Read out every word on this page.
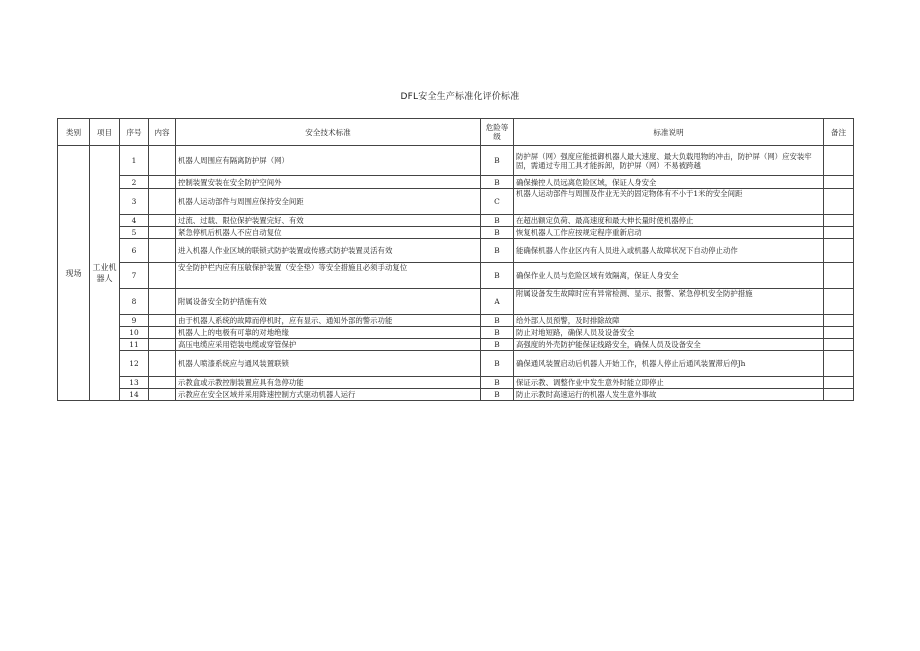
DFL安全生产标准化评价标准
类别	项目	序号	内容	安全技术标准	危险等级	标准说明	备注
现场	工业机器人	1		机器人周围应有隔离防护屏（网）	B	防护屏（网）强度应能抵御机器人最大速度、最大负载甩物的冲击，防护屏（网）应安装牢固，需通过专用工具才能拆卸，防护屏（网）不易被跨越	
		2		控制装置安装在安全防护空间外	B	确保操控人员远离危险区域，保证人身安全	
		3		机器人运动部件与周围应保持安全间距	C	机器人运动部件与周围及作业无关的固定物体有不小于1米的安全间距	
		4		过流、过载、限位保护装置完好、有效	B	在超出额定负荷、最高速度和最大伸长量时使机器停止	
		5		紧急停机后机器人不应自动复位	B	恢复机器人工作应按规定程序重新启动	
		6		进入机器人作业区域的联锁式防护装置或传感式防护装置灵活有效	B	能确保机器人作业区内有人员进入或机器人故障状况下自动停止动作	
		7		安全防护栏内应有压敏保护装置（安全垫）等安全措施且必须手动复位	B	确保作业人员与危险区域有效隔离，保证人身安全	
		8		附属设备安全防护措施有效	A	附属设备发生故障时应有异常检测、显示、报警、紧急停机安全防护措施	
		9		由于机器人系统的故障而停机时，应有显示、通知外部的警示功能	B	给外部人员预警，及时排除故障	
		10		机器人上的电极有可靠的对地绝缘	B	防止对地短路，确保人员及设备安全	
		11		高压电缆应采用铠装电缆或穿管保护	B	高强度的外壳防护能保证线路安全，确保人员及设备安全	
		12		机器人喷漆系统应与通风装置联锁	B	确保通风装置启动后机器人开始工作，机器人停止后通风装置滞后停Jh	
		13		示教盒或示教控制装置应具有急停功能	B	保证示教、调整作业中发生意外时能立即停止	
		14		示教应在安全区域并采用降速控制方式驱动机器人运行	B	防止示教时高速运行的机器人发生意外事故	
